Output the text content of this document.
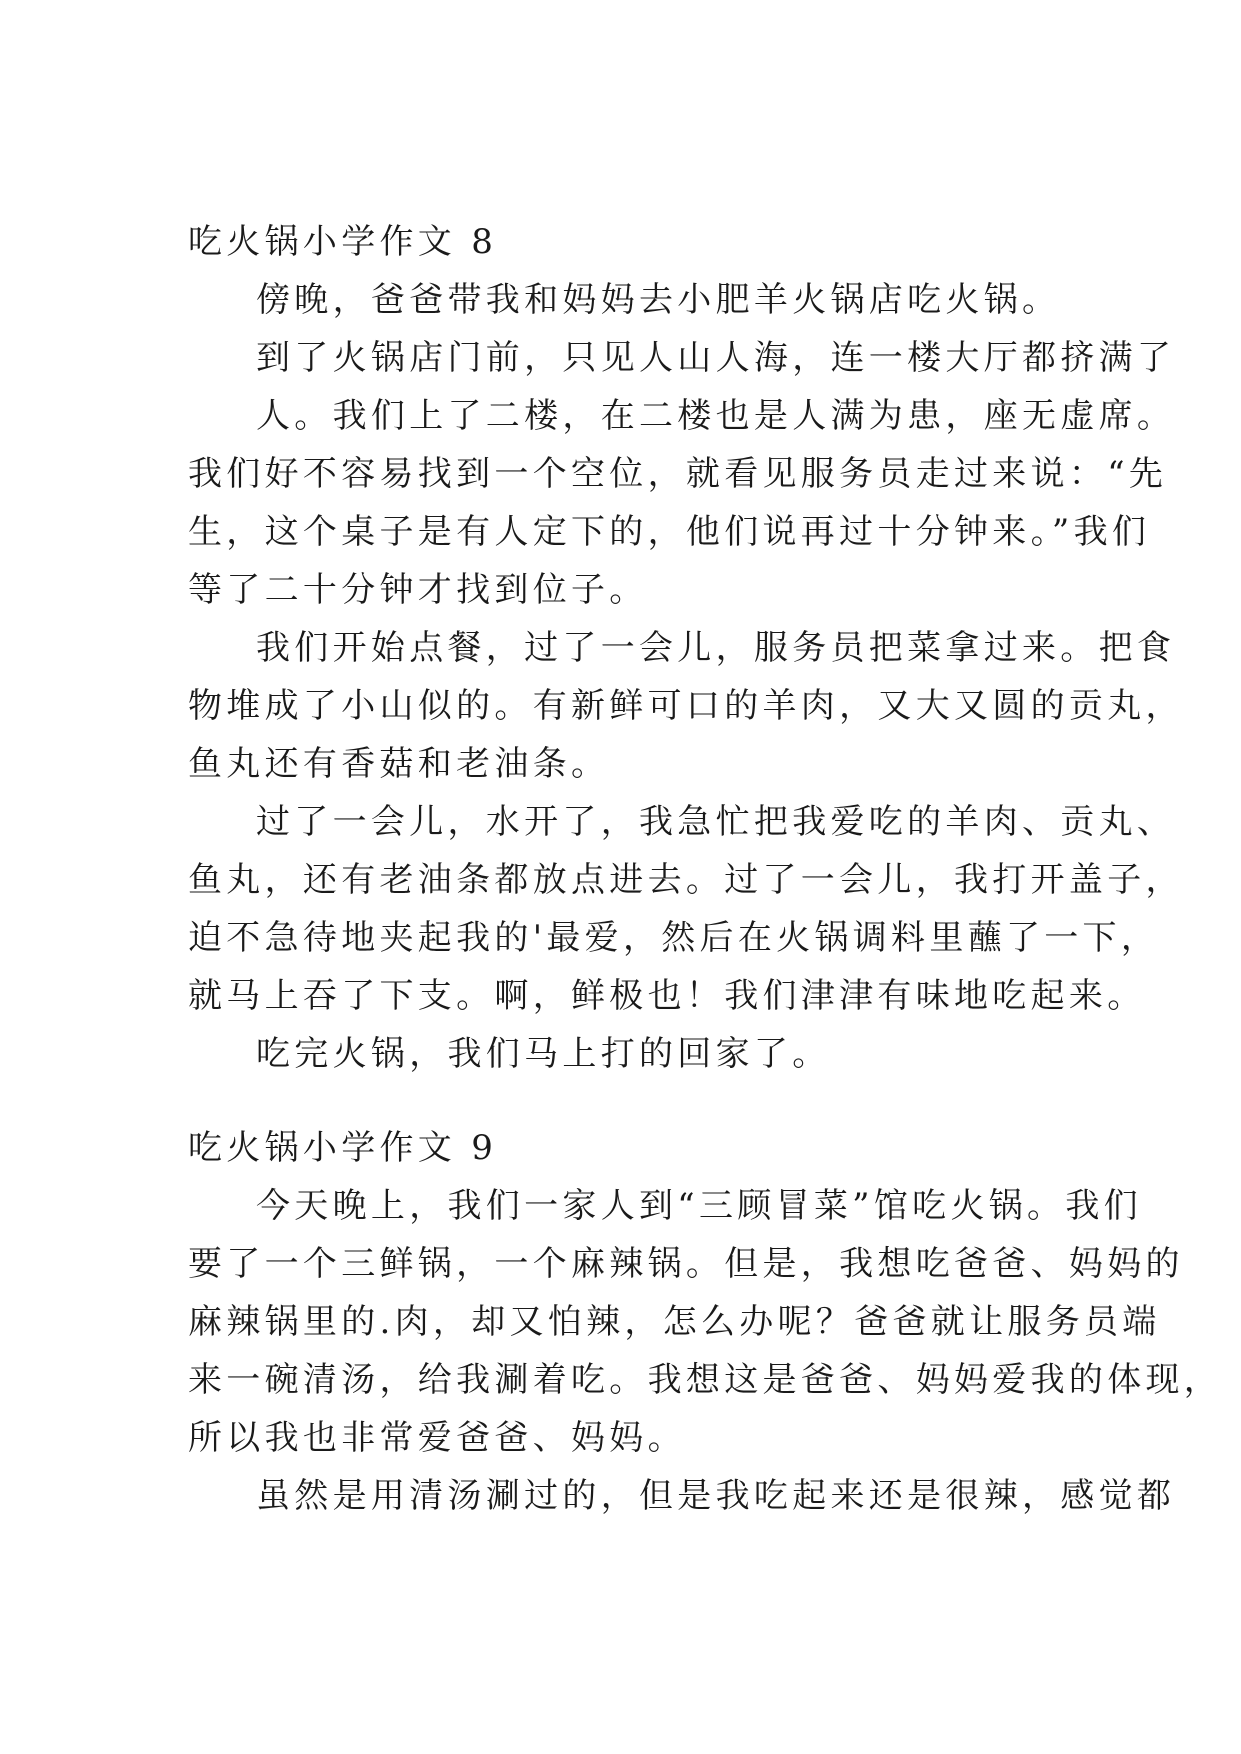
吃火锅小学作文 8
傍晚，爸爸带我和妈妈去小肥羊火锅店吃火锅。
到了火锅店门前，只见人山人海，连一楼大厅都挤满了
人。我们上了二楼，在二楼也是人满为患，座无虚席。
我们好不容易找到一个空位，就看见服务员走过来说：“先
生，这个桌子是有人定下的，他们说再过十分钟来。”我们
等了二十分钟才找到位子。
我们开始点餐，过了一会儿，服务员把菜拿过来。把食
物堆成了小山似的。有新鲜可口的羊肉，又大又圆的贡丸，
鱼丸还有香菇和老油条。
过了一会儿，水开了，我急忙把我爱吃的羊肉、贡丸、
鱼丸，还有老油条都放点进去。过了一会儿，我打开盖子，
迫不急待地夹起我的'最爱，然后在火锅调料里蘸了一下，
就马上吞了下支。啊，鲜极也！我们津津有味地吃起来。
吃完火锅，我们马上打的回家了。
吃火锅小学作文 9
今天晚上，我们一家人到“三顾冒菜”馆吃火锅。我们
要了一个三鲜锅，一个麻辣锅。但是，我想吃爸爸、妈妈的
麻辣锅里的.肉，却又怕辣，怎么办呢？爸爸就让服务员端
来一碗清汤，给我涮着吃。我想这是爸爸、妈妈爱我的体现，
所以我也非常爱爸爸、妈妈。
虽然是用清汤涮过的，但是我吃起来还是很辣，感觉都
